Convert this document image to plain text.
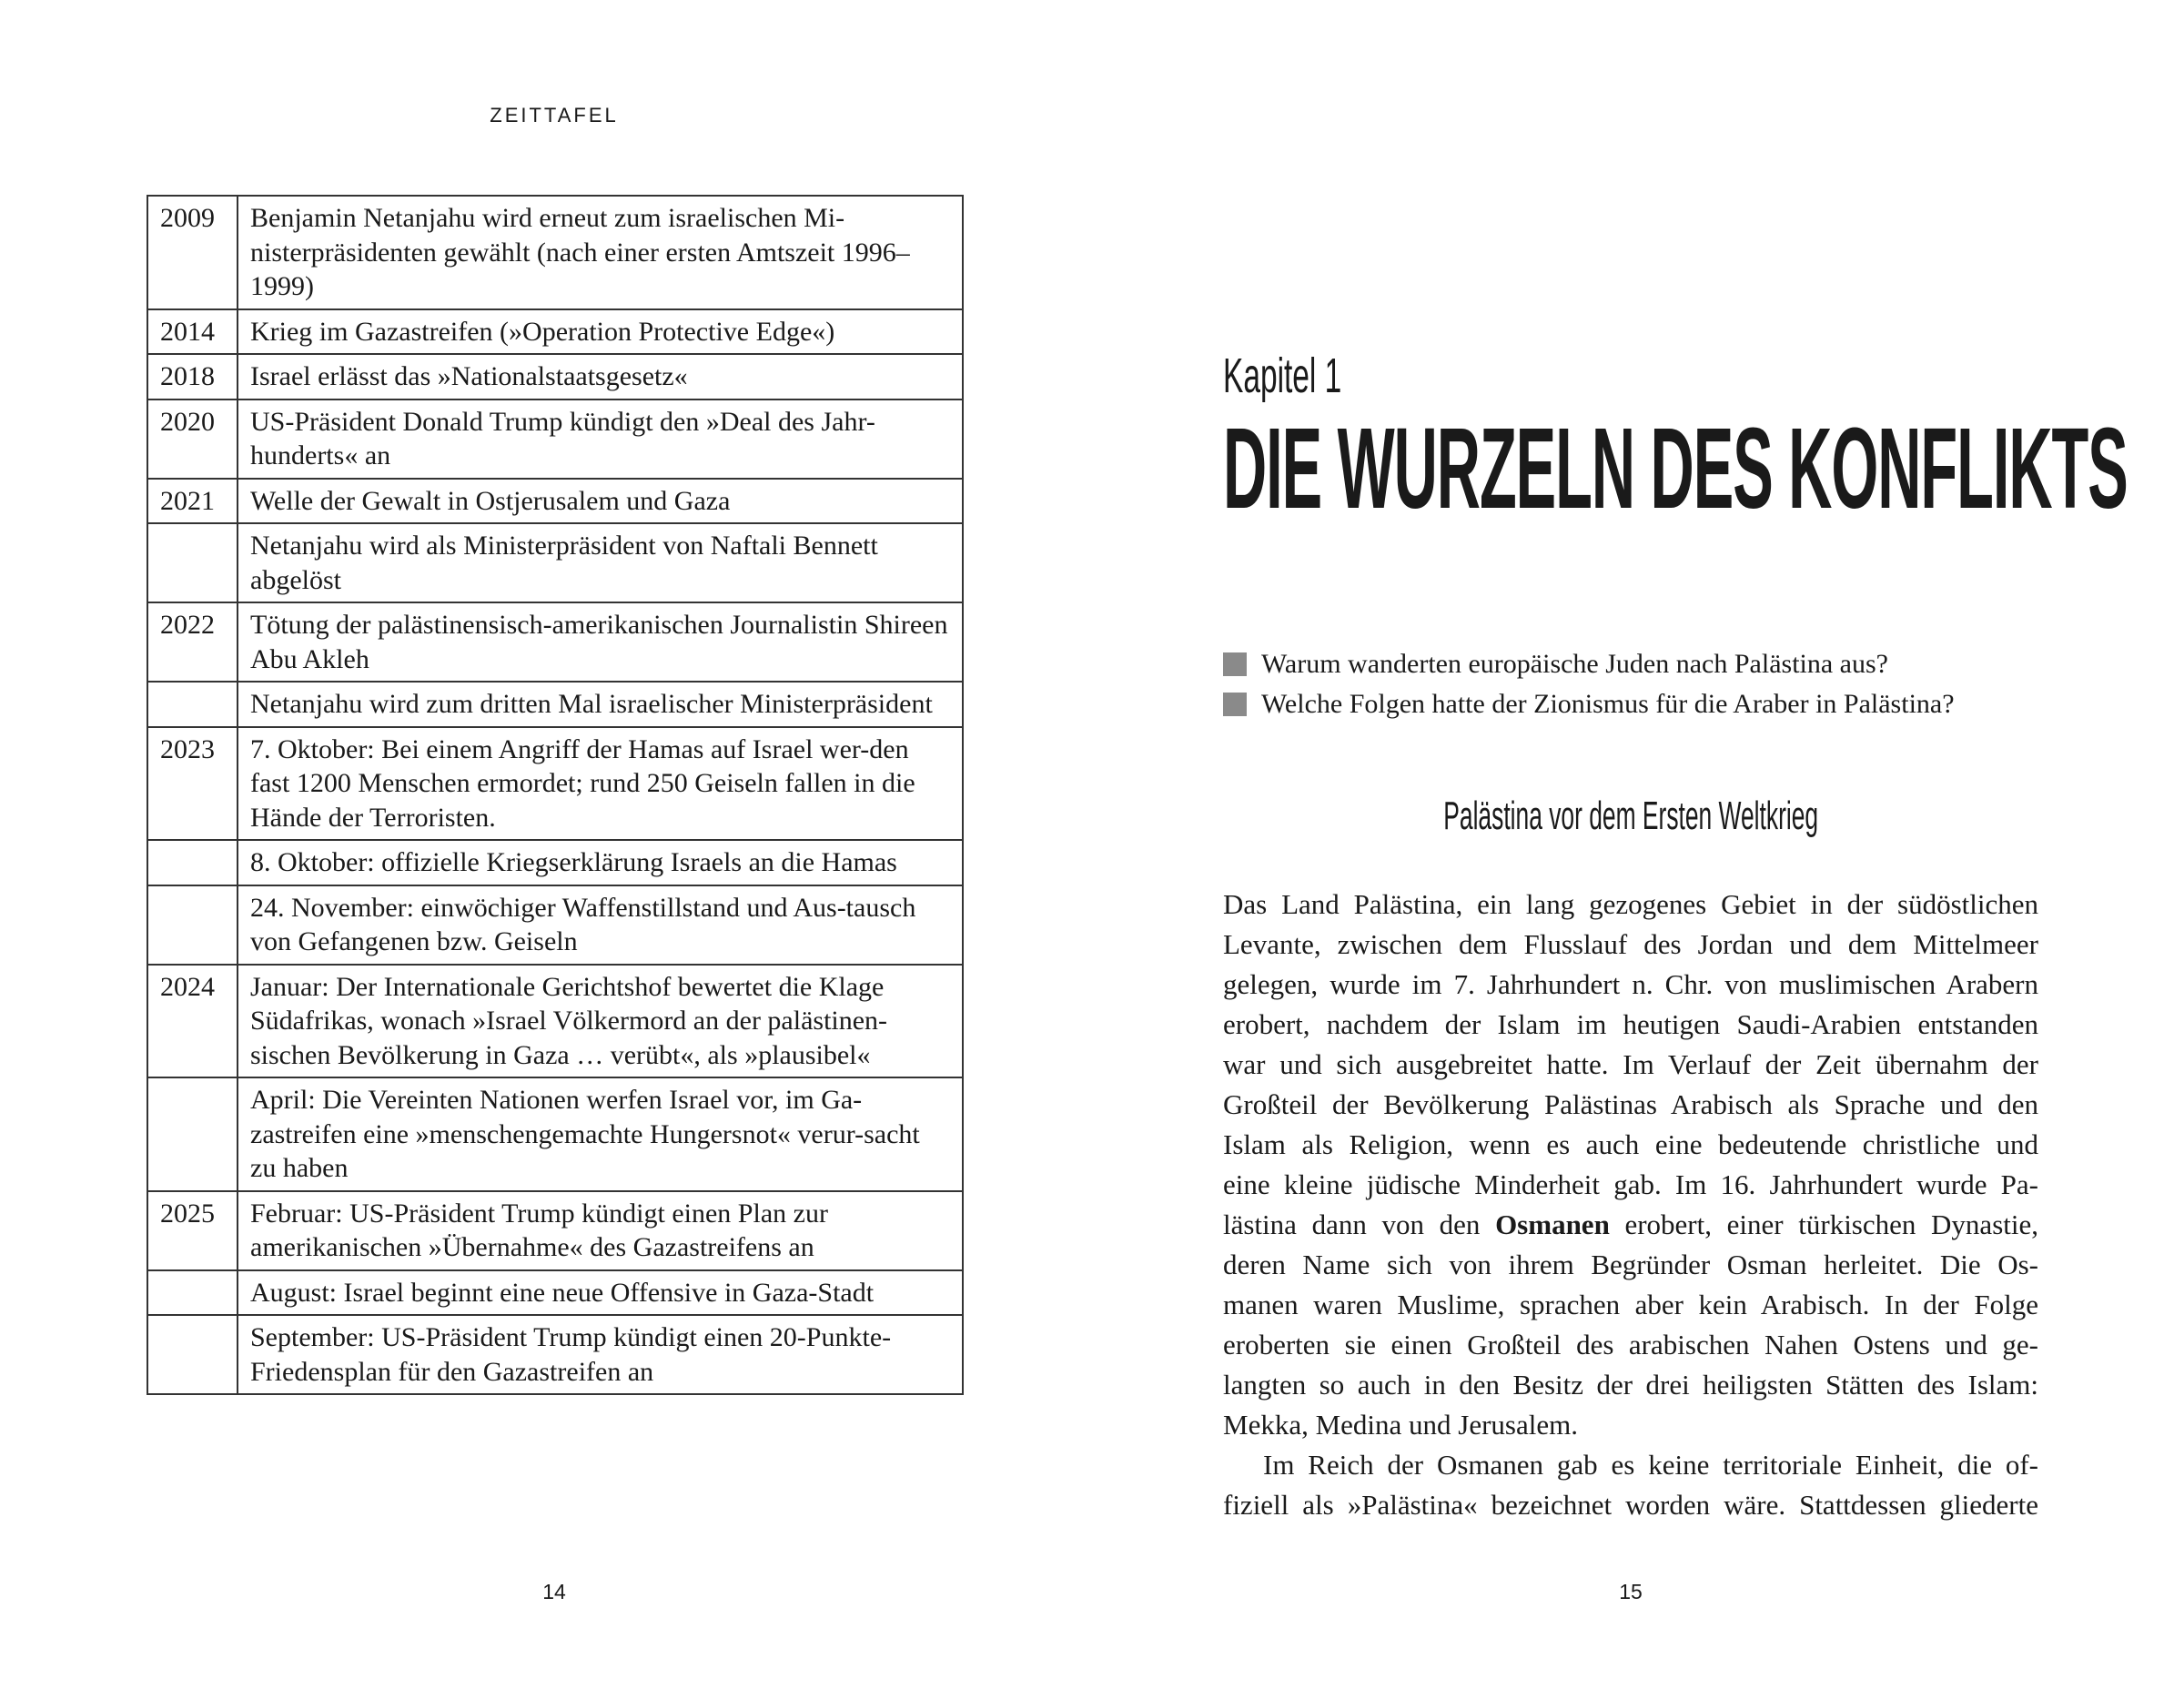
ZEITTAFEL
2009	Benjamin Netanjahu wird erneut zum israelischen Mi-nisterpräsidenten gewählt (nach einer ersten Amtszeit 1996–1999)
2014	Krieg im Gazastreifen (»Operation Protective Edge«)
2018	Israel erlässt das »Nationalstaatsgesetz«
2020	US-Präsident Donald Trump kündigt den »Deal des Jahr-hunderts« an
2021	Welle der Gewalt in Ostjerusalem und Gaza
	Netanjahu wird als Ministerpräsident von Naftali Bennett abgelöst
2022	Tötung der palästinensisch-amerikanischen Journalistin Shireen Abu Akleh
	Netanjahu wird zum dritten Mal israelischer Ministerpräsident
2023	7. Oktober: Bei einem Angriff der Hamas auf Israel wer-den fast 1200 Menschen ermordet; rund 250 Geiseln fallen in die Hände der Terroristen.
	8. Oktober: offizielle Kriegserklärung Israels an die Hamas
	24. November: einwöchiger Waffenstillstand und Aus-tausch von Gefangenen bzw. Geiseln
2024	Januar: Der Internationale Gerichtshof bewertet die Klage Südafrikas, wonach »Israel Völkermord an der palästinen-sischen Bevölkerung in Gaza … verübt«, als »plausibel«
	April: Die Vereinten Nationen werfen Israel vor, im Ga-zastreifen eine »menschengemachte Hungersnot« verur-sacht zu haben
2025	Februar: US-Präsident Trump kündigt einen Plan zur amerikanischen »Übernahme« des Gazastreifens an
	August: Israel beginnt eine neue Offensive in Gaza-Stadt
	September: US-Präsident Trump kündigt einen 20-Punkte-Friedensplan für den Gazastreifen an
14
Kapitel 1
DIE WURZELN DES KONFLIKTS
Warum wanderten europäische Juden nach Palästina aus?
Welche Folgen hatte der Zionismus für die Araber in Palästina?
Palästina vor dem Ersten Weltkrieg
Das Land Palästina, ein lang gezogenes Gebiet in der südöstlichen
Levante, zwischen dem Flusslauf des Jordan und dem Mittelmeer
gelegen, wurde im 7. Jahrhundert n. Chr. von muslimischen Arabern
erobert, nachdem der Islam im heutigen Saudi-Arabien entstanden
war und sich ausgebreitet hatte. Im Verlauf der Zeit übernahm der
Großteil der Bevölkerung Palästinas Arabisch als Sprache und den
Islam als Religion, wenn es auch eine bedeutende christliche und
eine kleine jüdische Minderheit gab. Im 16. Jahrhundert wurde Pa-
lästina dann von den Osmanen erobert, einer türkischen Dynastie,
deren Name sich von ihrem Begründer Osman herleitet. Die Os-
manen waren Muslime, sprachen aber kein Arabisch. In der Folge
eroberten sie einen Großteil des arabischen Nahen Ostens und ge-
langten so auch in den Besitz der drei heiligsten Stätten des Islam:
Mekka, Medina und Jerusalem.
Im Reich der Osmanen gab es keine territoriale Einheit, die of-
fiziell als »Palästina« bezeichnet worden wäre. Stattdessen gliederte
15
